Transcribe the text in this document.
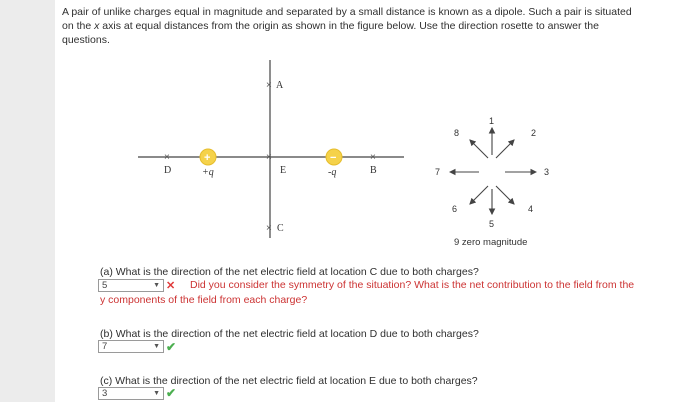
A pair of unlike charges equal in magnitude and separated by a small distance is known as a dipole. Such a pair is situated
on the x axis at equal distances from the origin as shown in the figure below. Use the direction rosette to answer the
questions.
× A
×
D
×
E
×
B
× C
+
+q
−
-q
1
2
3
4
5
6
7
8
9 zero magnitude
(a) What is the direction of the net electric field at location C due to both charges?
5	▼ ✕ Did you consider the symmetry of the situation? What is the net contribution to the field from the
y components of the field from each charge?
(b) What is the direction of the net electric field at location D due to both charges?
7	▼ ✔
(c) What is the direction of the net electric field at location E due to both charges?
3	▼ ✔
